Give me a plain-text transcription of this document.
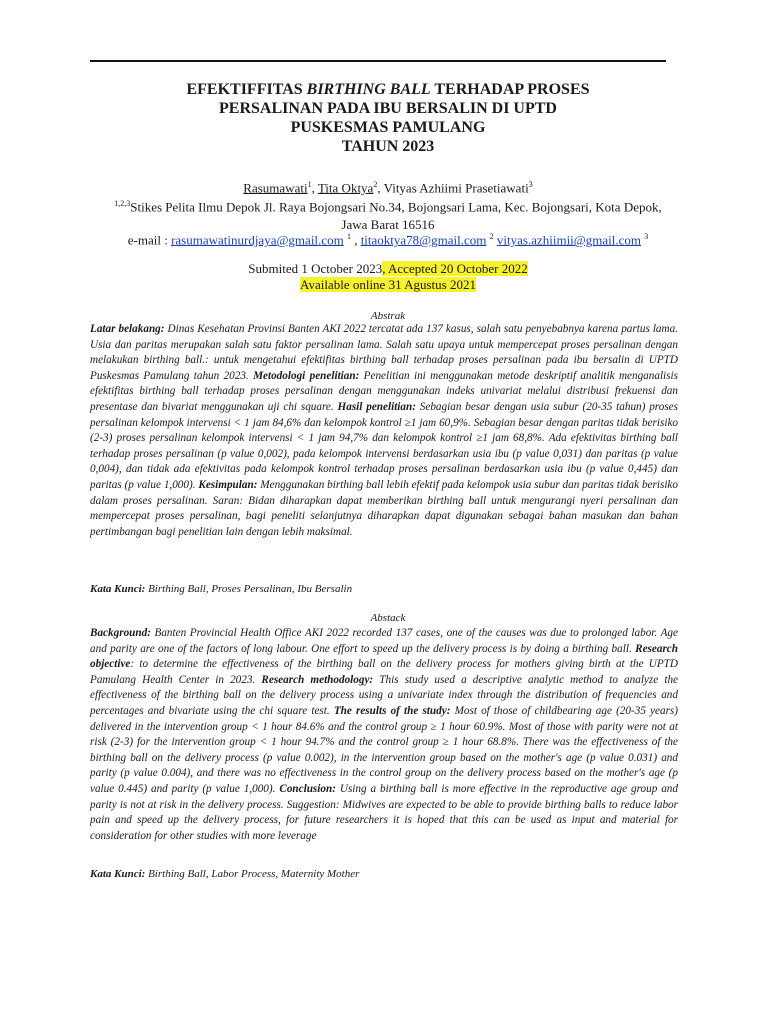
EFEKTIFFITAS BIRTHING BALL TERHADAP PROSES
PERSALINAN PADA IBU BERSALIN DI UPTD
PUSKESMAS PAMULANG
TAHUN 2023
Rasumawati$^1$, Tita Oktya$^2$, Vityas Azhiimi Prasetiawati$^3$
$^{1,2,3}$Stikes Pelita Ilmu Depok Jl. Raya Bojongsari No.34, Bojongsari Lama, Kec. Bojongsari, Kota Depok,
Jawa Barat 16516
e-mail : rasumawatinurdjaya@gmail.com $^1$ , titaoktya78@gmail.com $^2$ vityas.azhiimii@gmail.com $^3$
Submited 1 October 2023, Accepted 20 October 2022
Available online 31 Agustus 2021
Abstrak
Latar belakang: Dinas Kesehatan Provinsi Banten AKI 2022 tercatat ada 137 kasus, salah satu penyebabnya karena partus lama. Usia dan paritas merupakan salah satu faktor persalinan lama. Salah satu upaya untuk mempercepat proses persalinan dengan melakukan birthing ball.: untuk mengetahui efektifitas birthing ball terhadap proses persalinan pada ibu bersalin di UPTD Puskesmas Pamulang tahun 2023. Metodologi penelitian: Penelitian ini menggunakan metode deskriptif analitik menganalisis efektifitas birthing ball terhadap proses persalinan dengan menggunakan indeks univariat melalui distribusi frekuensi dan presentase dan bivariat menggunakan uji chi square. Hasil penelitian: Sebagian besar dengan usia subur (20-35 tahun) proses persalinan kelompok intervensi < 1 jam 84,6% dan kelompok kontrol ≥1 jam 60,9%. Sebagian besar dengan paritas tidak berisiko (2-3) proses persalinan kelompok intervensi < 1 jam 94,7% dan kelompok kontrol ≥1 jam 68,8%. Ada efektivitas birthing ball terhadap proses persalinan (p value 0,002), pada kelompok intervensi berdasarkan usia ibu (p value 0,031) dan paritas (p value 0,004), dan tidak ada efektivitas pada kelompok kontrol terhadap proses persalinan berdasarkan usia ibu (p value 0,445) dan paritas (p value 1,000). Kesimpulan: Menggunakan birthing ball lebih efektif pada kelompok usia subur dan paritas tidak berisiko dalam proses persalinan. Saran: Bidan diharapkan dapat memberikan birthing ball untuk mengurangi nyeri persalinan dan mempercepat proses persalinan, bagi peneliti selanjutnya diharapkan dapat digunakan sebagai bahan masukan dan bahan pertimbangan bagi penelitian lain dengan lebih maksimal.
Kata Kunci: Birthing Ball, Proses Persalinan, Ibu Bersalin
Abstack
Background: Banten Provincial Health Office AKI 2022 recorded 137 cases, one of the causes was due to prolonged labor. Age and parity are one of the factors of long labour. One effort to speed up the delivery process is by doing a birthing ball. Research objective: to determine the effectiveness of the birthing ball on the delivery process for mothers giving birth at the UPTD Pamulang Health Center in 2023. Research methodology: This study used a descriptive analytic method to analyze the effectiveness of the birthing ball on the delivery process using a univariate index through the distribution of frequencies and percentages and bivariate using the chi square test. The results of the study: Most of those of childbearing age (20-35 years) delivered in the intervention group < 1 hour 84.6% and the control group ≥ 1 hour 60.9%. Most of those with parity were not at risk (2-3) for the intervention group < 1 hour 94.7% and the control group ≥ 1 hour 68.8%. There was the effectiveness of the birthing ball on the delivery process (p value 0.002), in the intervention group based on the mother's age (p value 0.031) and parity (p value 0.004), and there was no effectiveness in the control group on the delivery process based on the mother's age (p value 0.445) and parity (p value 1,000). Conclusion: Using a birthing ball is more effective in the reproductive age group and parity is not at risk in the delivery process. Suggestion: Midwives are expected to be able to provide birthing balls to reduce labor pain and speed up the delivery process, for future researchers it is hoped that this can be used as input and material for consideration for other studies with more leverage
Kata Kunci: Birthing Ball, Labor Process, Maternity Mother
